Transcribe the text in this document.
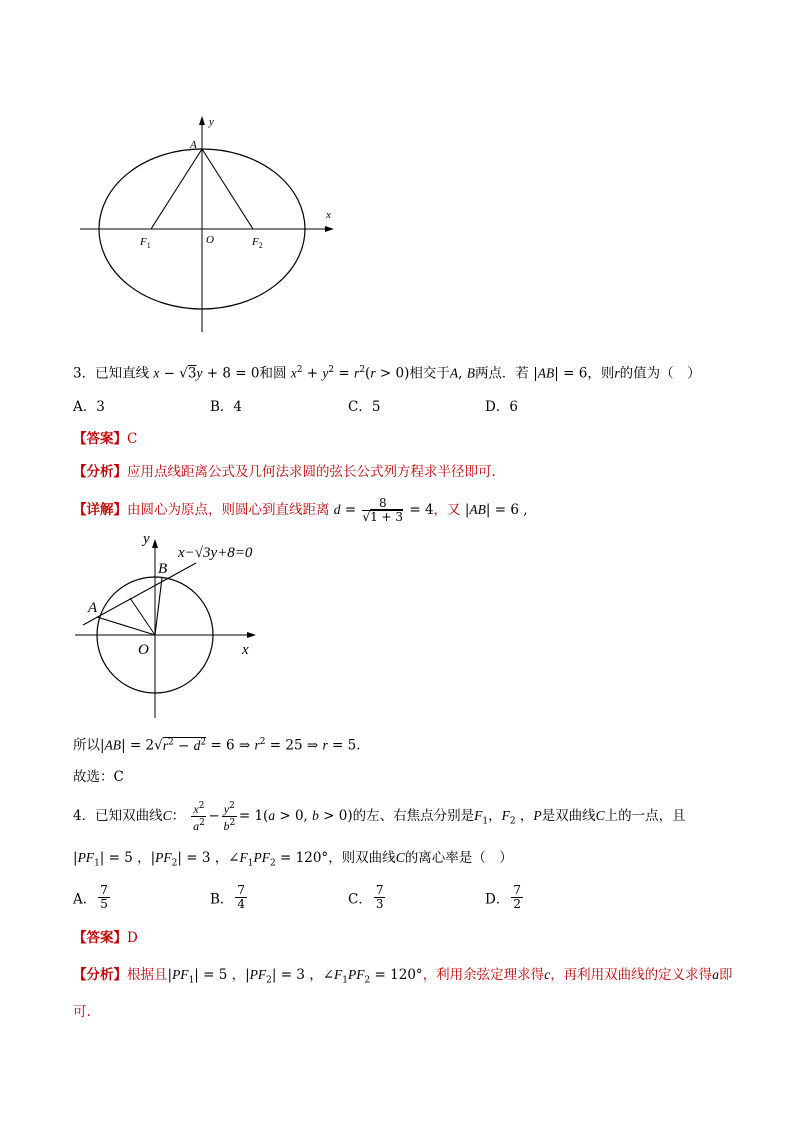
y
x
A
O
$F_1$	$F_2$
3．已知直线 x − √3y + 8 = 0和圆 $x^2 + y^2 = r^2(r > 0)$相交于A, B两点．若 |AB| = 6，则r的值为（　）
A．3	B．4	C．5	D．6
【答案】C
【分析】应用点线距离公式及几何法求圆的弦长公式列方程求半径即可.
【详解】由圆心为原点，则圆心到直线距离 $d = \frac{8}{√1 + 3} = 4$，又 |AB| = 6 ,
y
x−√3y+8=0
B
A
O	x
所以$|AB| = 2√r^2 - d^2 = 6$ ⇒ $r^2 = 25$ ⇒ r = 5.
故选：C
4．已知双曲线C： $\frac{x^2}{a^2} - \frac{y^2}{b^2} = 1(a > 0$, b > 0)的左、右焦点分别是$F_1$，$F_2$ ，P是双曲线C上的一点，且
$|PF_1| = 5$ ，$|PF_2| = 3$ ，$\angle F_1PF_2 = 120^\circ$，则双曲线C的离心率是（　）
A． $\frac{7}{5}$	B． $\frac{7}{4}$	C． $\frac{7}{3}$	D． $\frac{7}{2}$
【答案】D
【分析】根据且$|PF_1| = 5$ ，$|PF_2| = 3$ ，$\angle F_1PF_2 = 120^\circ$，利用余弦定理求得c，再利用双曲线的定义求得a即
可.
